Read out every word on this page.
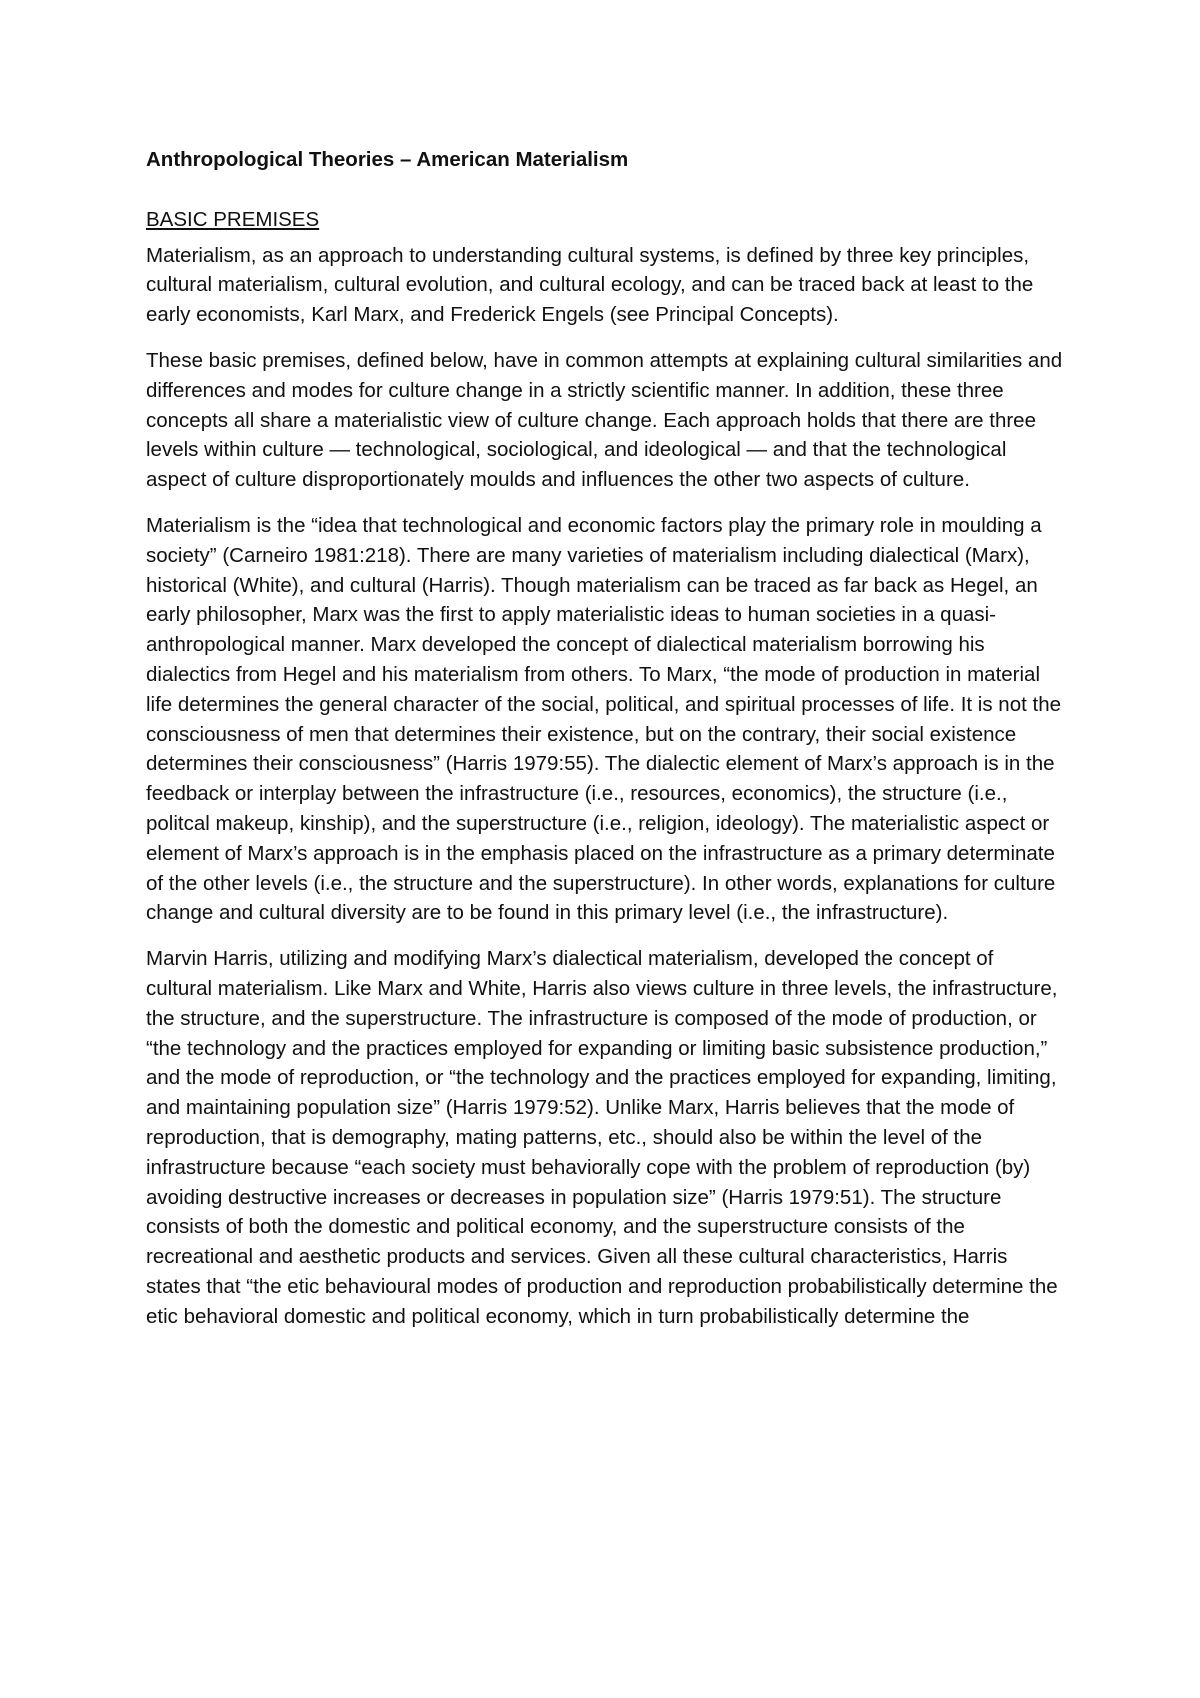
Anthropological Theories – American Materialism
BASIC PREMISES

Materialism, as an approach to understanding cultural systems, is defined by three key principles, cultural materialism, cultural evolution, and cultural ecology, and can be traced back at least to the early economists, Karl Marx, and Frederick Engels (see Principal Concepts).

These basic premises, defined below, have in common attempts at explaining cultural similarities and differences and modes for culture change in a strictly scientific manner. In addition, these three concepts all share a materialistic view of culture change. Each approach holds that there are three levels within culture — technological, sociological, and ideological — and that the technological aspect of culture disproportionately moulds and influences the other two aspects of culture.

Materialism is the “idea that technological and economic factors play the primary role in moulding a society” (Carneiro 1981:218). There are many varieties of materialism including dialectical (Marx), historical (White), and cultural (Harris). Though materialism can be traced as far back as Hegel, an early philosopher, Marx was the first to apply materialistic ideas to human societies in a quasi-anthropological manner. Marx developed the concept of dialectical materialism borrowing his dialectics from Hegel and his materialism from others. To Marx, “the mode of production in material life determines the general character of the social, political, and spiritual processes of life. It is not the consciousness of men that determines their existence, but on the contrary, their social existence determines their consciousness” (Harris 1979:55). The dialectic element of Marx’s approach is in the feedback or interplay between the infrastructure (i.e., resources, economics), the structure (i.e., politcal makeup, kinship), and the superstructure (i.e., religion, ideology). The materialistic aspect or element of Marx’s approach is in the emphasis placed on the infrastructure as a primary determinate of the other levels (i.e., the structure and the superstructure). In other words, explanations for culture change and cultural diversity are to be found in this primary level (i.e., the infrastructure).

Marvin Harris, utilizing and modifying Marx’s dialectical materialism, developed the concept of cultural materialism. Like Marx and White, Harris also views culture in three levels, the infrastructure, the structure, and the superstructure. The infrastructure is composed of the mode of production, or “the technology and the practices employed for expanding or limiting basic subsistence production,” and the mode of reproduction, or “the technology and the practices employed for expanding, limiting, and maintaining population size” (Harris 1979:52). Unlike Marx, Harris believes that the mode of reproduction, that is demography, mating patterns, etc., should also be within the level of the infrastructure because “each society must behaviorally cope with the problem of reproduction (by) avoiding destructive increases or decreases in population size” (Harris 1979:51). The structure consists of both the domestic and political economy, and the superstructure consists of the recreational and aesthetic products and services. Given all these cultural characteristics, Harris states that “the etic behavioural modes of production and reproduction probabilistically determine the etic behavioral domestic and political economy, which in turn probabilistically determine the
